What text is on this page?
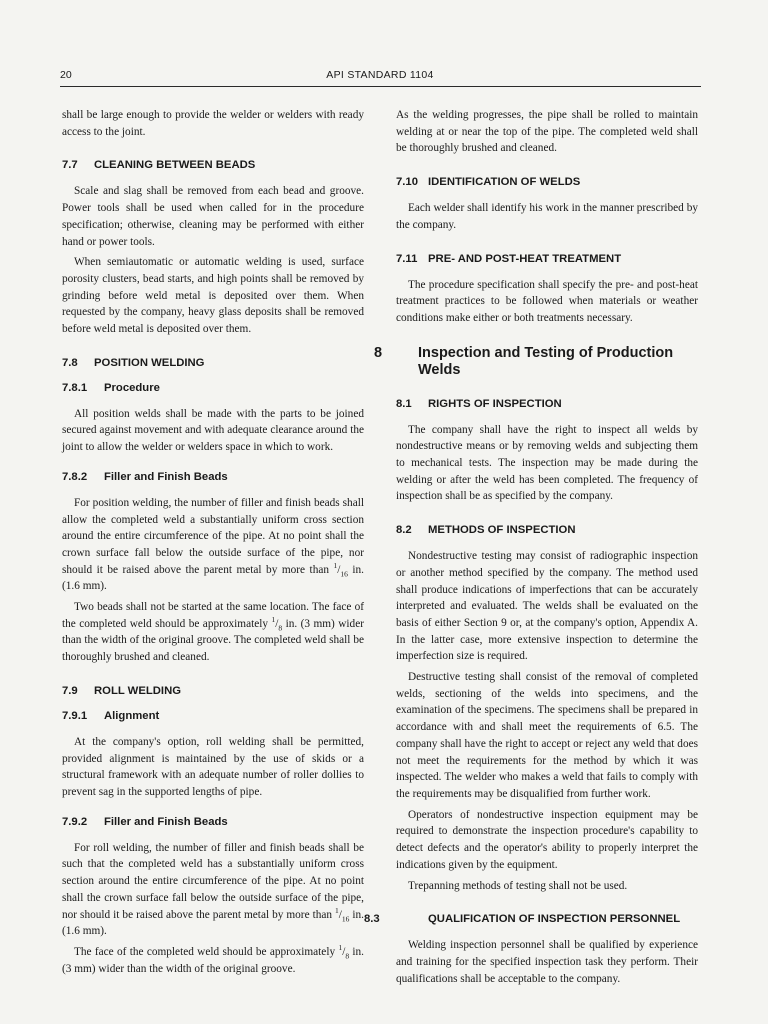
20	API STANDARD 1104

shall be large enough to provide the welder or welders with ready access to the joint.

7.7 CLEANING BETWEEN BEADS

Scale and slag shall be removed from each bead and groove. Power tools shall be used when called for in the procedure specification; otherwise, cleaning may be performed with either hand or power tools.

When semiautomatic or automatic welding is used, surface porosity clusters, bead starts, and high points shall be removed by grinding before weld metal is deposited over them. When requested by the company, heavy glass deposits shall be removed before weld metal is deposited over them.

7.8 POSITION WELDING
7.8.1 Procedure

All position welds shall be made with the parts to be joined secured against movement and with adequate clearance around the joint to allow the welder or welders space in which to work.

7.8.2 Filler and Finish Beads

For position welding, the number of filler and finish beads shall allow the completed weld a substantially uniform cross section around the entire circumference of the pipe. At no point shall the crown surface fall below the outside surface of the pipe, nor should it be raised above the parent metal by more than $^1/_{16}$ in. (1.6 mm).

Two beads shall not be started at the same location. The face of the completed weld should be approximately $^1/_8$ in. (3 mm) wider than the width of the original groove. The completed weld shall be thoroughly brushed and cleaned.

7.9 ROLL WELDING
7.9.1 Alignment

At the company's option, roll welding shall be permitted, provided alignment is maintained by the use of skids or a structural framework with an adequate number of roller dollies to prevent sag in the supported lengths of pipe.

7.9.2 Filler and Finish Beads

For roll welding, the number of filler and finish beads shall be such that the completed weld has a substantially uniform cross section around the entire circumference of the pipe. At no point shall the crown surface fall below the outside surface of the pipe, nor should it be raised above the parent metal by more than $^1/_{16}$ in. (1.6 mm).

The face of the completed weld should be approximately $^1/_8$ in. (3 mm) wider than the width of the original groove.

As the welding progresses, the pipe shall be rolled to maintain welding at or near the top of the pipe. The completed weld shall be thoroughly brushed and cleaned.

7.10 IDENTIFICATION OF WELDS

Each welder shall identify his work in the manner prescribed by the company.

7.11 PRE- AND POST-HEAT TREATMENT

The procedure specification shall specify the pre- and post-heat treatment practices to be followed when materials or weather conditions make either or both treatments necessary.

8 Inspection and Testing of Production Welds
8.1 RIGHTS OF INSPECTION

The company shall have the right to inspect all welds by nondestructive means or by removing welds and subjecting them to mechanical tests. The inspection may be made during the welding or after the weld has been completed. The frequency of inspection shall be as specified by the company.

8.2 METHODS OF INSPECTION

Nondestructive testing may consist of radiographic inspection or another method specified by the company. The method used shall produce indications of imperfections that can be accurately interpreted and evaluated. The welds shall be evaluated on the basis of either Section 9 or, at the company's option, Appendix A. In the latter case, more extensive inspection to determine the imperfection size is required.

Destructive testing shall consist of the removal of completed welds, sectioning of the welds into specimens, and the examination of the specimens. The specimens shall be prepared in accordance with and shall meet the requirements of 6.5. The company shall have the right to accept or reject any weld that does not meet the requirements for the method by which it was inspected. The welder who makes a weld that fails to comply with the requirements may be disqualified from further work.

Operators of nondestructive inspection equipment may be required to demonstrate the inspection procedure's capability to detect defects and the operator's ability to properly interpret the indications given by the equipment.

Trepanning methods of testing shall not be used.

8.3	QUALIFICATION OF INSPECTION PERSONNEL

Welding inspection personnel shall be qualified by experience and training for the specified inspection task they perform. Their qualifications shall be acceptable to the company.
